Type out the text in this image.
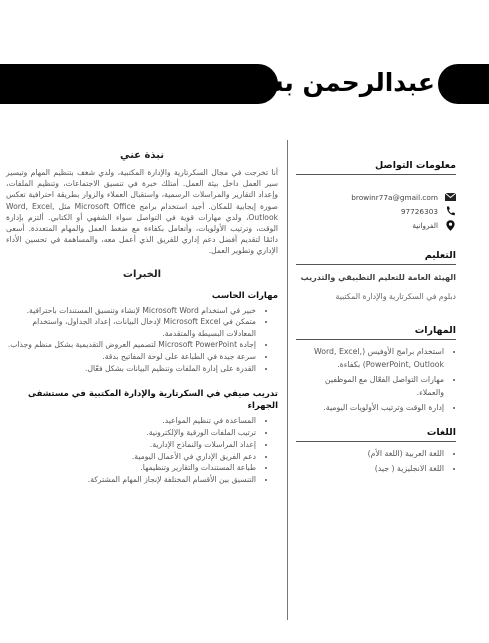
عبدالرحمن بشير
معلومات التواصل
browinr77a@gmail.com
97726303
الفروانية
التعليم
الهيئة العامة للتعليم التطبيقي والتدريب
دبلوم في السكرتارية والإدارة المكتبية
المهارات
• استخدام برامج الأوفيس (Word, Excel, PowerPoint, Outlook) بكفاءة.
• مهارات التواصل الفعّال مع الموظفين والعملاء.
• إدارة الوقت وترتيب الأولويات اليومية.
اللغات
• اللغة العربية (اللغة الأم)
• اللغة الانجليزية ( جيد)
نبذة عني

أنا تخرجت في مجال السكرتارية والإدارة المكتبية، ولدي شغف بتنظيم المهام وتيسير سير العمل داخل بيئة العمل. أمتلك خبرة في تنسيق الاجتماعات، وتنظيم الملفات، وإعداد التقارير والمراسلات الرسمية، واستقبال العملاء والزوار بطريقة احترافية تعكس صورة إيجابية للمكان. أجيد استخدام برامج Microsoft Office مثل Word, Excel, Outlook، ولدي مهارات قوية في التواصل سواء الشفهي أو الكتابي. ألتزم بإدارة الوقت، وترتيب الأولويات، وأتعامل بكفاءة مع ضغط العمل والمهام المتعددة. أسعى دائمًا لتقديم أفضل دعم إداري للفريق الذي أعمل معه، والمساهمة في تحسين الأداء الإداري وتطوير العمل.

الخبرات
مهارات الحاسب
• خبير في استخدام Microsoft Word لإنشاء وتنسيق المستندات باحترافية.
• متمكن في Microsoft Excel لإدخال البيانات، إعداد الجداول، واستخدام المعادلات البسيطة والمتقدمة.
• إجادة Microsoft PowerPoint لتصميم العروض التقديمية بشكل منظم وجذاب.
• سرعة جيدة في الطباعة على لوحة المفاتيح بدقة.
• القدرة على إدارة الملفات وتنظيم البيانات بشكل فعّال.
تدريب صيفي في السكرتارية والإدارة المكتبية في مستشفى الجهراء
• المساعدة في تنظيم المواعيد.
• ترتيب الملفات الورقية والإلكترونية.
• إعداد المراسلات والنماذج الإدارية.
• دعم الفريق الإداري في الأعمال اليومية.
• طباعة المستندات والتقارير وتنظيمها.
• التنسيق بين الأقسام المختلفة لإنجاز المهام المشتركة.
